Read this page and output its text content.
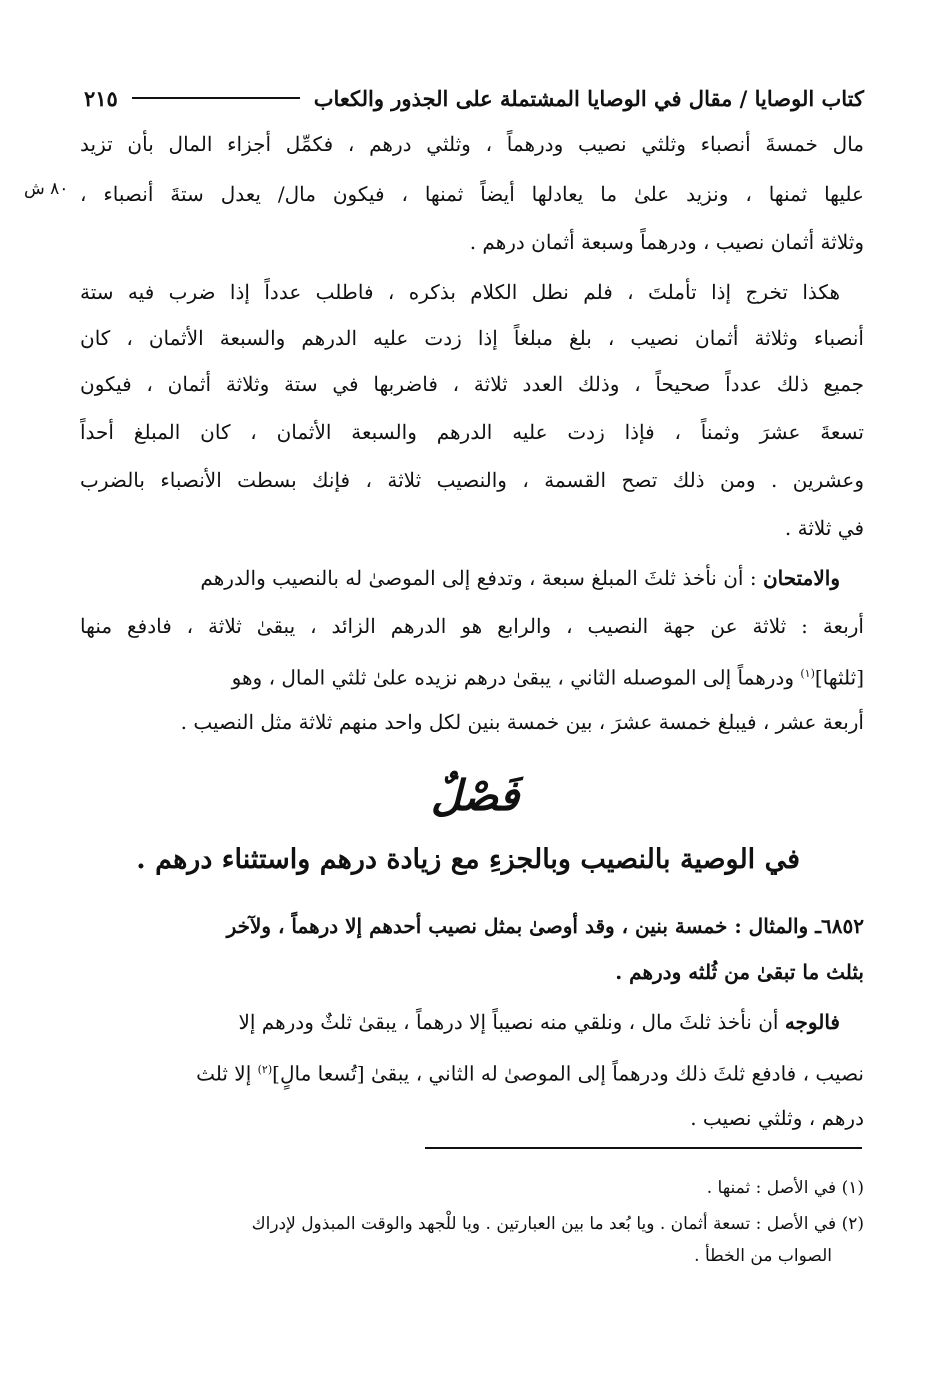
كتاب الوصايا / مقال في الوصايا المشتملة على الجذور والكعاب
٢١٥
٨٠ ش
مال خمسةَ أنصباء وثلثي نصيب ودرهماً ، وثلثي درهم ، فكمِّل أجزاء المال بأن تزيد
عليها ثمنها ، ونزيد علىٰ ما يعادلها أيضاً ثمنها ، فيكون مال/ يعدل ستةَ أنصباء ،
وثلاثة أثمان نصيب ، ودرهماً وسبعة أثمان درهم .
هكذا تخرج إذا تأملتَ ، فلم نطل الكلام بذكره ، فاطلب عدداً إذا ضرب فيه ستة
أنصباء وثلاثة أثمان نصيب ، بلغ مبلغاً إذا زدت عليه الدرهم والسبعة الأثمان ، كان
جميع ذلك عدداً صحيحاً ، وذلك العدد ثلاثة ، فاضربها في ستة وثلاثة أثمان ، فيكون
تسعةَ عشرَ وثمناً ، فإذا زدت عليه الدرهم والسبعة الأثمان ، كان المبلغ أحداً
وعشرين . ومن ذلك تصح القسمة ، والنصيب ثلاثة ، فإنك بسطت الأنصباء بالضرب
في ثلاثة .
والامتحان : أن نأخذ ثلثَ المبلغ سبعة ، وتدفع إلى الموصىٰ له بالنصيب والدرهم
أربعة : ثلاثة عن جهة النصيب ، والرابع هو الدرهم الزائد ، يبقىٰ ثلاثة ، فادفع منها
[ثلثها]$^{(١)}$ ودرهماً إلى الموصىله الثاني ، يبقىٰ درهم نزيده علىٰ ثلثي المال ، وهو
أربعة عشر ، فيبلغ خمسة عشرَ ، بين خمسة بنين لكل واحد منهم ثلاثة مثل النصيب .
فَصْلٌ
في الوصية بالنصيب وبالجزءِ مع زيادة درهم واستثناء درهم .
٦٨٥٢ـ والمثال : خمسة بنين ، وقد أوصىٰ بمثل نصيب أحدهم إلا درهماً ، ولآخر
بثلث ما تبقىٰ من ثُلثه ودرهم .
فالوجه أن نأخذ ثلثَ مال ، ونلقي منه نصيباً إلا درهماً ، يبقىٰ ثلثٌ ودرهم إلا
نصيب ، فادفع ثلثَ ذلك ودرهماً إلى الموصىٰ له الثاني ، يبقىٰ [تُسعا مالٍ]$^{(٢)}$ إلا ثلث
درهم ، وثلثي نصيب .
(١) في الأصل : ثمنها .
(٢) في الأصل : تسعة أثمان . ويا بُعد ما بين العبارتين . ويا للْجهد والوقت المبذول لإدراك
الصواب من الخطأ .
